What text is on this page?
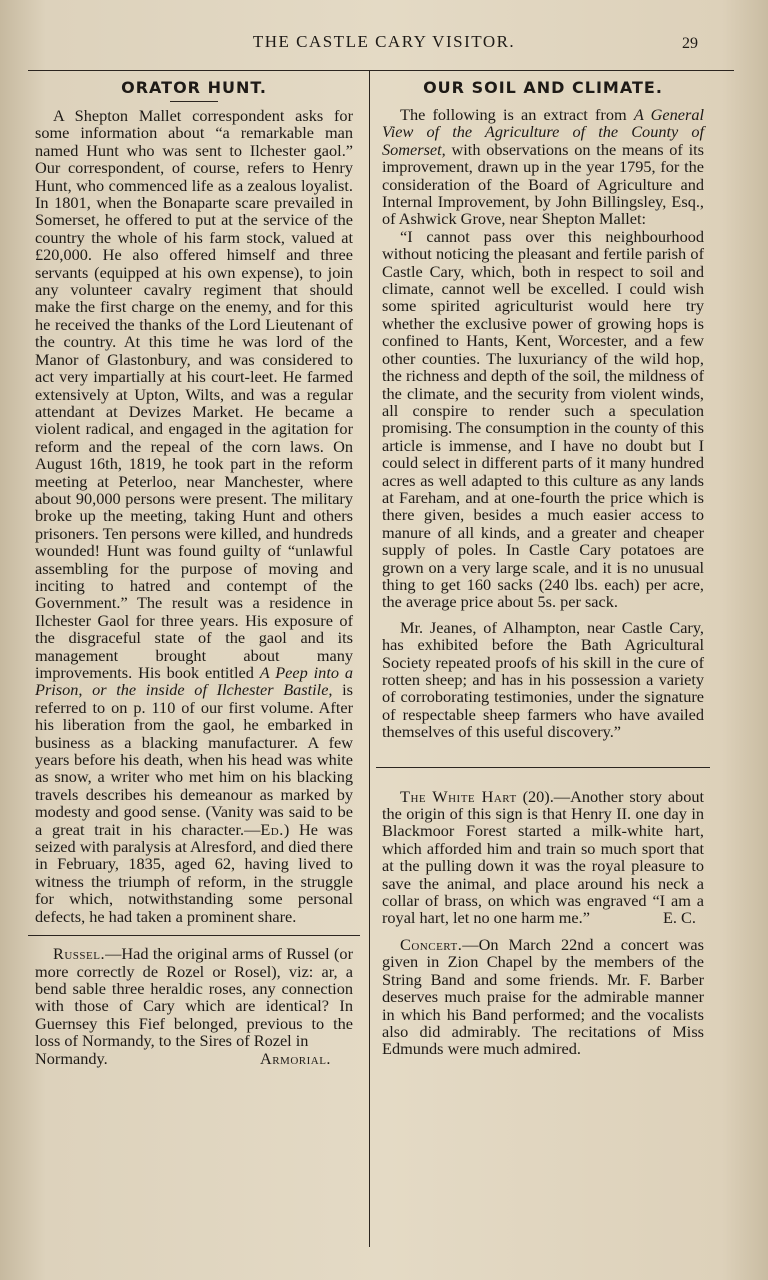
THE CASTLE CARY VISITOR.	29
ORATOR HUNT.

A Shepton Mallet correspondent asks for some information about “a remarkable man named Hunt who was sent to Ilchester gaol.” Our correspondent, of course, refers to Henry Hunt, who commenced life as a zealous loyalist. In 1801, when the Bonaparte scare prevailed in Somerset, he offered to put at the service of the country the whole of his farm stock, valued at £20,000. He also offered himself and three servants (equipped at his own expense), to join any volunteer cavalry regiment that should make the first charge on the enemy, and for this he received the thanks of the Lord Lieutenant of the country. At this time he was lord of the Manor of Glastonbury, and was considered to act very impartially at his court-leet. He farmed extensively at Upton, Wilts, and was a regular attendant at Devizes Market. He became a violent radical, and engaged in the agitation for reform and the repeal of the corn laws. On August 16th, 1819, he took part in the reform meeting at Peterloo, near Manchester, where about 90,000 persons were present. The military broke up the meeting, taking Hunt and others prisoners. Ten persons were killed, and hundreds wounded! Hunt was found guilty of “unlawful assembling for the purpose of moving and inciting to hatred and contempt of the Government.” The result was a residence in Ilchester Gaol for three years. His exposure of the disgraceful state of the gaol and its management brought about many improvements. His book entitled A Peep into a Prison, or the inside of Ilchester Bastile, is referred to on p. 110 of our first volume. After his liberation from the gaol, he embarked in business as a blacking manufacturer. A few years before his death, when his head was white as snow, a writer who met him on his blacking travels describes his demeanour as marked by modesty and good sense. (Vanity was said to be a great trait in his character.—Ed.) He was seized with paralysis at Alresford, and died there in February, 1835, aged 62, having lived to witness the triumph of reform, in the struggle for which, notwithstanding some personal defects, he had taken a prominent share.

Russel.—Had the original arms of Russel (or more correctly de Rozel or Rosel), viz: ar, a bend sable three heraldic roses, any connection with those of Cary which are identical? In Guernsey this Fief belonged, previous to the loss of Normandy, to the Sires of Rozel in

Normandy.	Armorial.
OUR SOIL AND CLIMATE.

The following is an extract from A General View of the Agriculture of the County of Somerset, with observations on the means of its improvement, drawn up in the year 1795, for the consideration of the Board of Agriculture and Internal Improvement, by John Billingsley, Esq., of Ashwick Grove, near Shepton Mallet:

“I cannot pass over this neighbourhood without noticing the pleasant and fertile parish of Castle Cary, which, both in respect to soil and climate, cannot well be excelled. I could wish some spirited agriculturist would here try whether the exclusive power of growing hops is confined to Hants, Kent, Worcester, and a few other counties. The luxuriancy of the wild hop, the richness and depth of the soil, the mildness of the climate, and the security from violent winds, all conspire to render such a speculation promising. The consumption in the county of this article is immense, and I have no doubt but I could select in different parts of it many hundred acres as well adapted to this culture as any lands at Fareham, and at one-fourth the price which is there given, besides a much easier access to manure of all kinds, and a greater and cheaper supply of poles. In Castle Cary potatoes are grown on a very large scale, and it is no unusual thing to get 160 sacks (240 lbs. each) per acre, the average price about 5s. per sack.

Mr. Jeanes, of Alhampton, near Castle Cary, has exhibited before the Bath Agricultural Society repeated proofs of his skill in the cure of rotten sheep; and has in his possession a variety of corroborating testimonies, under the signature of respectable sheep farmers who have availed themselves of this useful discovery.”

The White Hart (20).—Another story about the origin of this sign is that Henry II. one day in Blackmoor Forest started a milk-white hart, which afforded him and train so much sport that at the pulling down it was the royal pleasure to save the animal, and place around his neck a collar of brass, on which was engraved “I am a royal hart, let no one harm me.”	E. C.

Concert.—On March 22nd a concert was given in Zion Chapel by the members of the String Band and some friends. Mr. F. Barber deserves much praise for the admirable manner in which his Band performed; and the vocalists also did admirably. The recitations of Miss Edmunds were much admired.
